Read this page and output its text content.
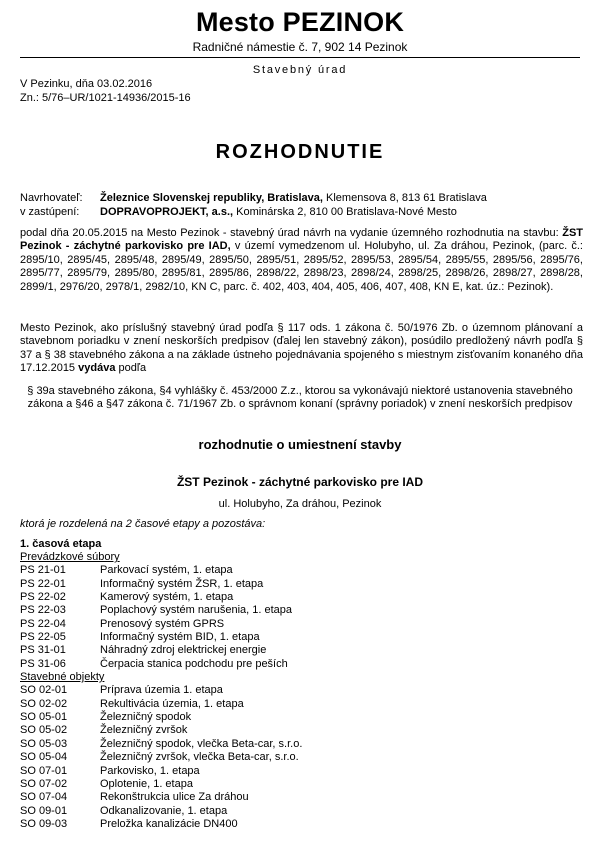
Mesto PEZINOK
Radničné námestie č. 7, 902 14 Pezinok
Stavebný úrad
V Pezinku, dňa 03.02.2016
Zn.: 5/76–UR/1021-14936/2015-16
ROZHODNUTIE
Navrhovateľ: Železnice Slovenskej republiky, Bratislava, Klemensova 8, 813 61 Bratislava
v zastúpení: DOPRAVOPROJEKT, a.s., Kominárska 2, 810 00 Bratislava-Nové Mesto
podal dňa 20.05.2015 na Mesto Pezinok - stavebný úrad návrh na vydanie územného rozhodnutia na stavbu: ŽST Pezinok - záchytné parkovisko pre IAD, v území vymedzenom ul. Holubyho, ul. Za dráhou, Pezinok, (parc. č.: 2895/10, 2895/45, 2895/48, 2895/49, 2895/50, 2895/51, 2895/52, 2895/53, 2895/54, 2895/55, 2895/56, 2895/76, 2895/77, 2895/79, 2895/80, 2895/81, 2895/86, 2898/22, 2898/23, 2898/24, 2898/25, 2898/26, 2898/27, 2898/28, 2899/1, 2976/20, 2978/1, 2982/10, KN C, parc. č. 402, 403, 404, 405, 406, 407, 408, KN E, kat. úz.: Pezinok).
Mesto Pezinok, ako príslušný stavebný úrad podľa § 117 ods. 1 zákona č. 50/1976 Zb. o územnom plánovaní a stavebnom poriadku v znení neskorších predpisov (ďalej len stavebný zákon), posúdilo predložený návrh podľa § 37 a § 38 stavebného zákona a na základe ústneho pojednávania spojeného s miestnym zisťovaním konaného dňa 17.12.2015 vydáva podľa
§ 39a stavebného zákona, §4 vyhlášky č. 453/2000 Z.z., ktorou sa vykonávajú niektoré ustanovenia stavebného zákona a §46 a §47 zákona č. 71/1967 Zb. o správnom konaní (správny poriadok) v znení neskorších predpisov
rozhodnutie o umiestnení stavby
ŽST Pezinok - záchytné parkovisko pre IAD
ul. Holubyho, Za dráhou, Pezinok
ktorá je rozdelená na 2 časové etapy a pozostáva:
1. časová etapa
Prevádzkové súbory
PS 21-01	Parkovací systém, 1. etapa
PS 22-01	Informačný systém ŽSR, 1. etapa
PS 22-02	Kamerový systém, 1. etapa
PS 22-03	Poplachový systém narušenia, 1. etapa
PS 22-04	Prenosový systém GPRS
PS 22-05	Informačný systém BID, 1. etapa
PS 31-01	Náhradný zdroj elektrickej energie
PS 31-06	Čerpacia stanica podchodu pre peších
Stavebné objekty
SO 02-01	Príprava územia 1. etapa
SO 02-02	Rekultivácia územia, 1. etapa
SO 05-01	Železničný spodok
SO 05-02	Železničný zvršok
SO 05-03	Železničný spodok, vlečka Beta-car, s.r.o.
SO 05-04	Železničný zvršok, vlečka Beta-car, s.r.o.
SO 07-01	Parkovisko, 1. etapa
SO 07-02	Oplotenie, 1. etapa
SO 07-04	Rekonštrukcia ulice Za dráhou
SO 09-01	Odkanalizovanie, 1. etapa
SO 09-03	Preložka kanalizácie DN400
